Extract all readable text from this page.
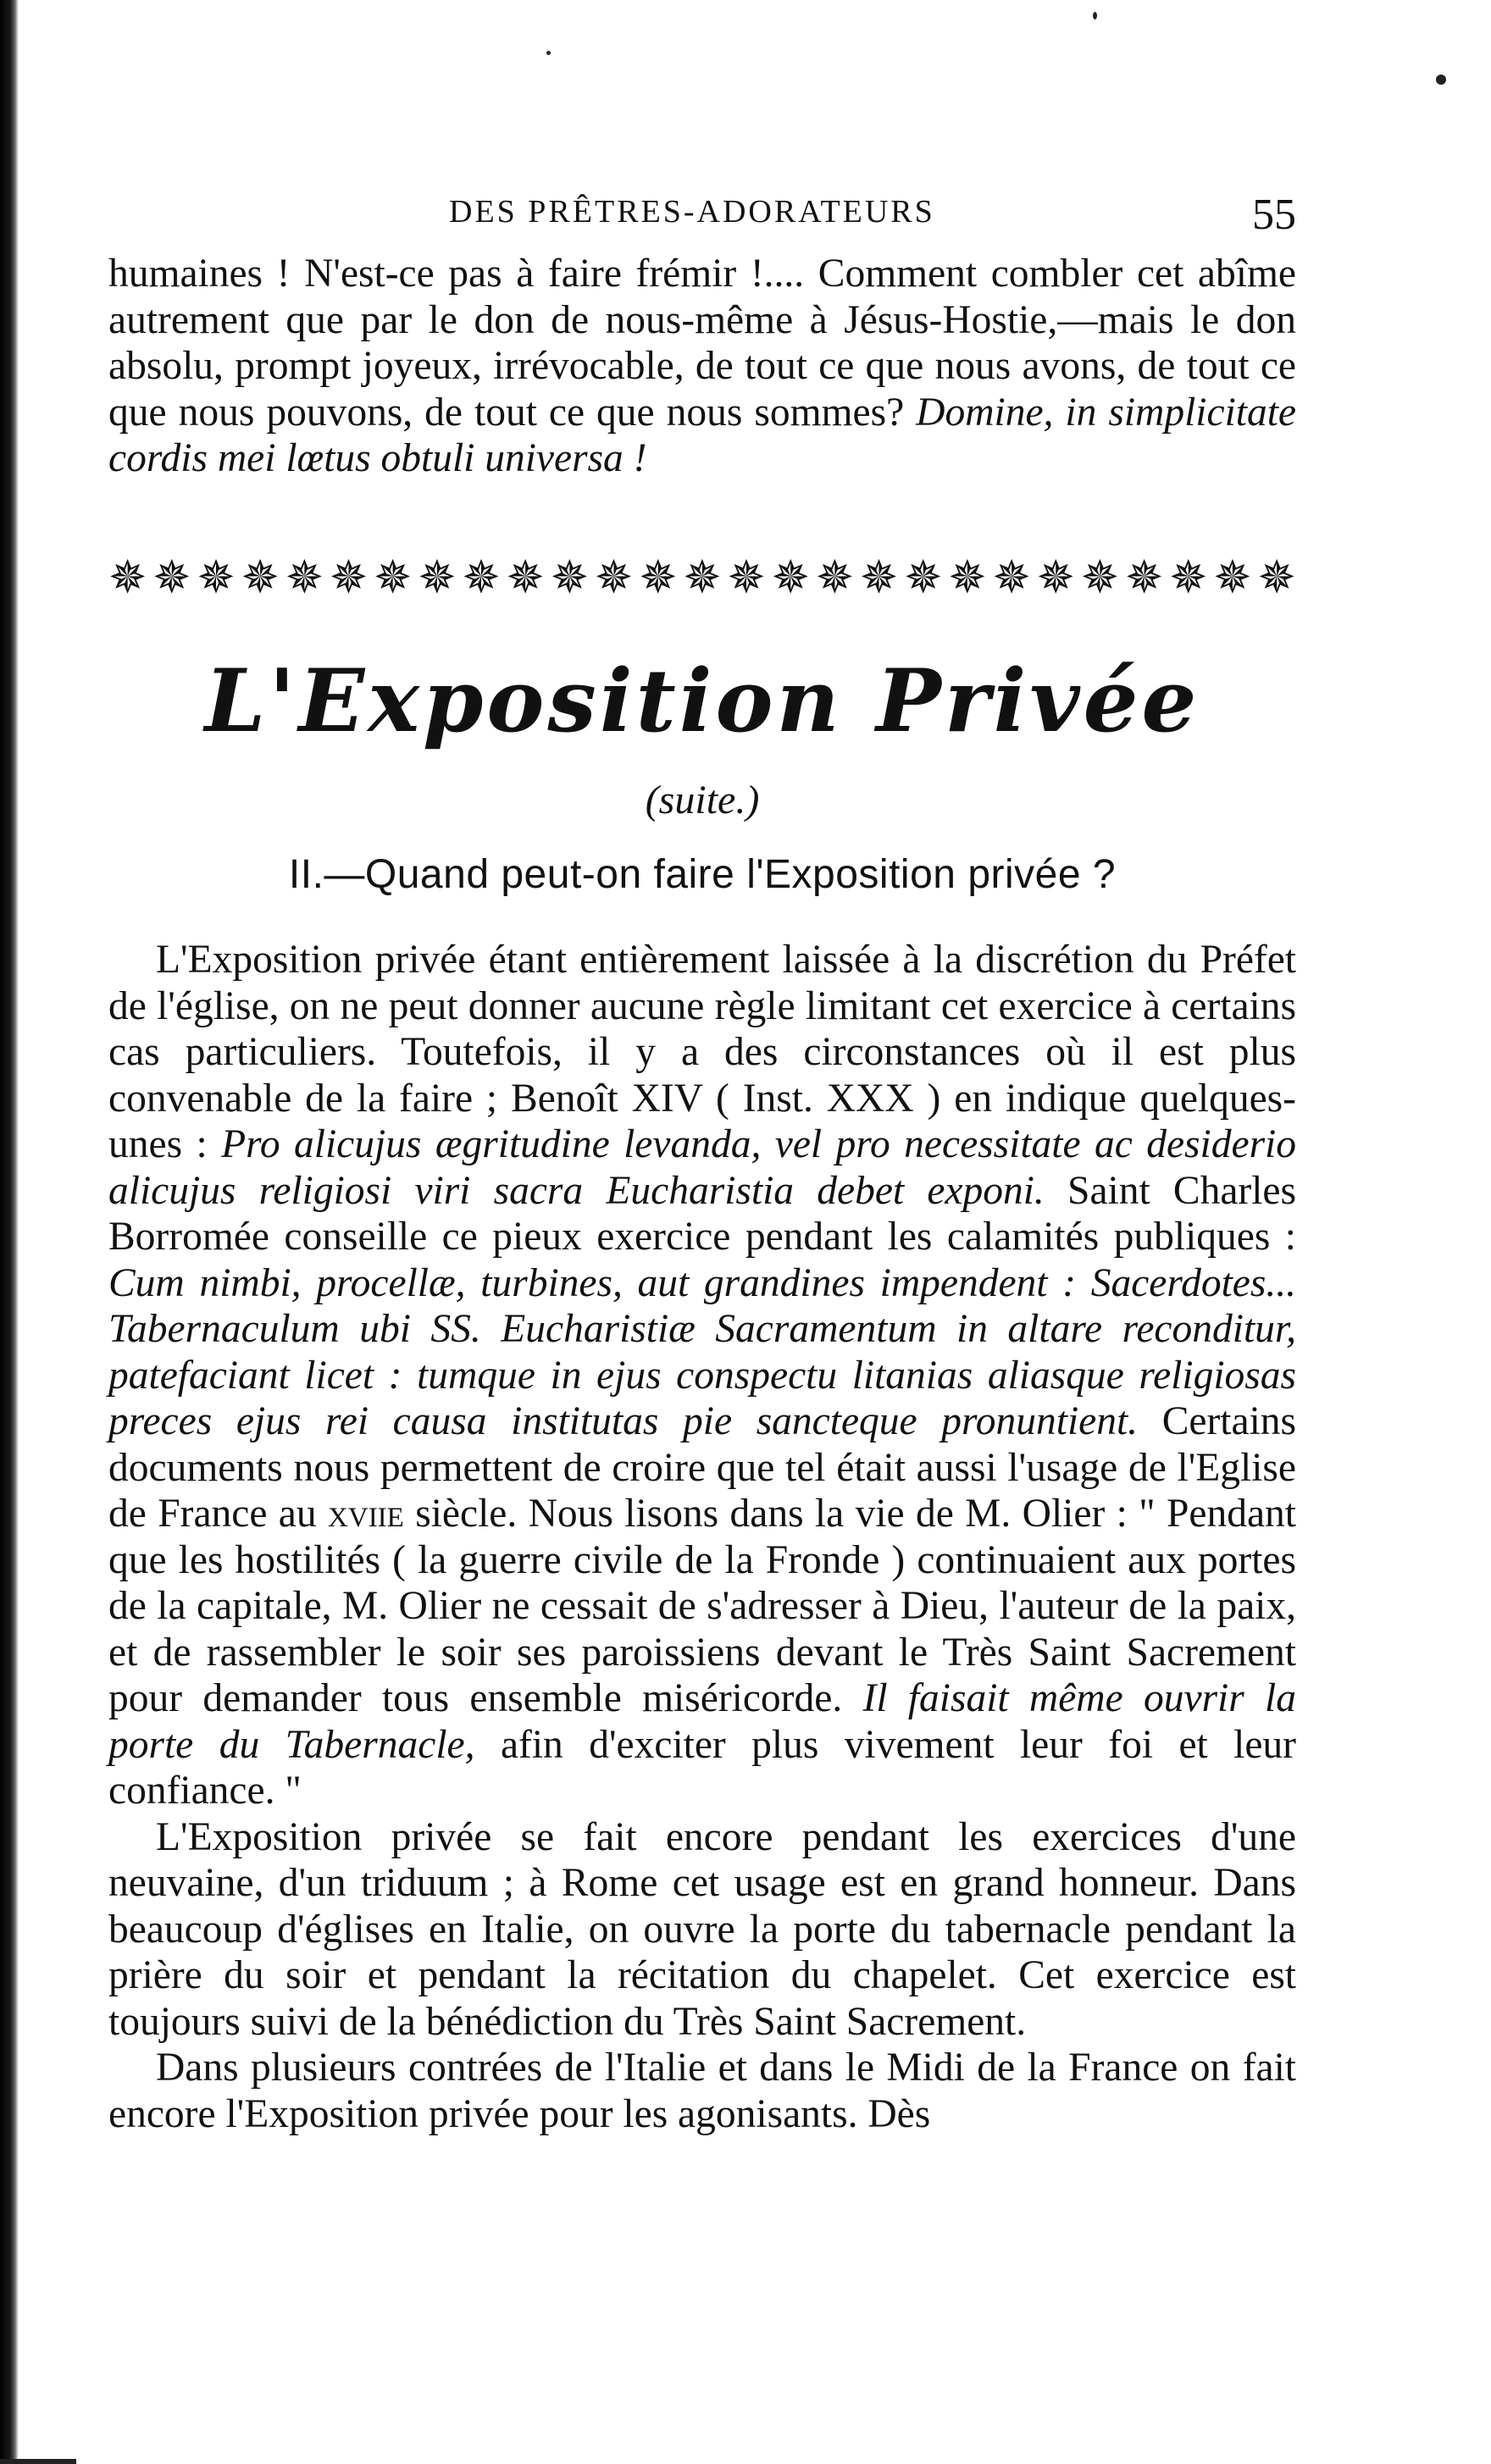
DES PRÊTRES-ADORATEURS	55

humaines ! N'est-ce pas à faire frémir !.... Comment combler cet abîme autrement que par le don de nous-même à Jésus-Hostie,—mais le don absolu, prompt joyeux, irrévocable, de tout ce que nous avons, de tout ce que nous pouvons, de tout ce que nous sommes? Domine, in simplicitate cordis mei lœtus obtuli universa !

✵ ✵ ✵ ✵ ✵ ✵ ✵ ✵ ✵ ✵ ✵ ✵ ✵ ✵ ✵ ✵ ✵ ✵ ✵ ✵ ✵ ✵ ✵ ✵ ✵ ✵ ✵
L'Exposition Privée
(suite.)
II.—Quand peut-on faire l'Exposition privée ?

L'Exposition privée étant entièrement laissée à la discrétion du Préfet de l'église, on ne peut donner aucune règle limitant cet exercice à certains cas particuliers. Toutefois, il y a des circonstances où il est plus convenable de la faire ; Benoît XIV ( Inst. XXX ) en indique quelques-unes : Pro alicujus ægritudine levanda, vel pro necessitate ac desiderio alicujus religiosi viri sacra Eucharistia debet exponi. Saint Charles Borromée conseille ce pieux exercice pendant les calamités publiques : Cum nimbi, procellæ, turbines, aut grandines impendent : Sacerdotes... Tabernaculum ubi SS. Eucharistiæ Sacramentum in altare reconditur, patefaciant licet : tumque in ejus conspectu litanias aliasque religiosas preces ejus rei causa institutas pie sancteque pronuntient. Certains documents nous permettent de croire que tel était aussi l'usage de l'Eglise de France au xviie siècle. Nous lisons dans la vie de M. Olier : " Pendant que les hostilités ( la guerre civile de la Fronde ) continuaient aux portes de la capitale, M. Olier ne cessait de s'adresser à Dieu, l'auteur de la paix, et de rassembler le soir ses paroissiens devant le Très Saint Sacrement pour demander tous ensemble miséricorde. Il faisait même ouvrir la porte du Tabernacle, afin d'exciter plus vivement leur foi et leur confiance. "

L'Exposition privée se fait encore pendant les exercices d'une neuvaine, d'un triduum ; à Rome cet usage est en grand honneur. Dans beaucoup d'églises en Italie, on ouvre la porte du tabernacle pendant la prière du soir et pendant la récitation du chapelet. Cet exercice est toujours suivi de la bénédiction du Très Saint Sacrement.

Dans plusieurs contrées de l'Italie et dans le Midi de la France on fait encore l'Exposition privée pour les agonisants. Dès
